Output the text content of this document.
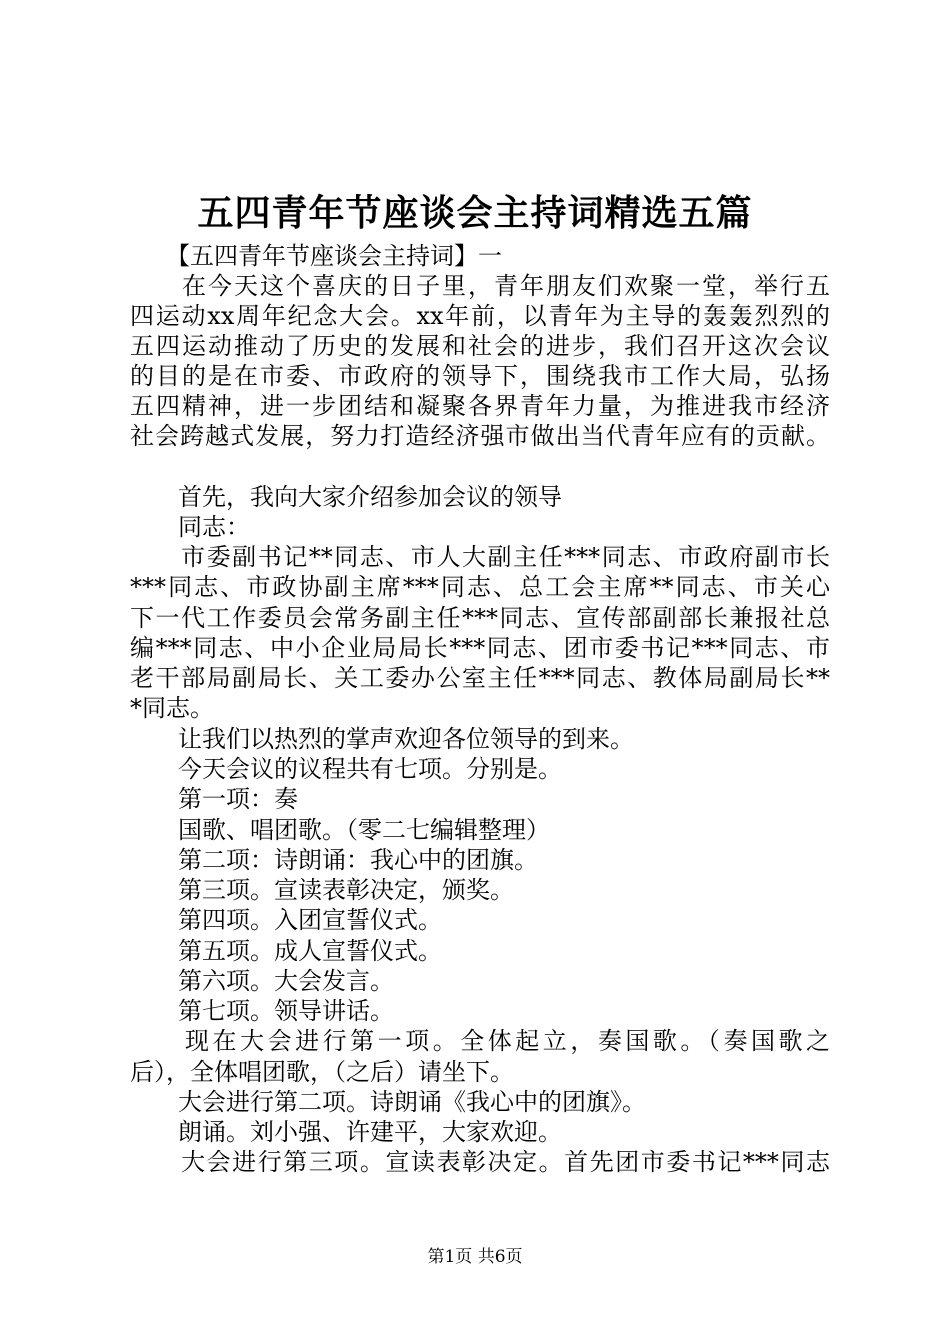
五四青年节座谈会主持词精选五篇
　　【五四青年节座谈会主持词】一
　　在今天这个喜庆的日子里，青年朋友们欢聚一堂，举行五
四运动xx周年纪念大会。xx年前，以青年为主导的轰轰烈烈的
五四运动推动了历史的发展和社会的进步，我们召开这次会议
的目的是在市委、市政府的领导下，围绕我市工作大局，弘扬
五四精神，进一步团结和凝聚各界青年力量，为推进我市经济
社会跨越式发展，努力打造经济强市做出当代青年应有的贡献。
　　首先，我向大家介绍参加会议的领导
　　同志：
　　市委副书记**同志、市人大副主任***同志、市政府副市长
***同志、市政协副主席***同志、总工会主席**同志、市关心
下一代工作委员会常务副主任***同志、宣传部副部长兼报社总
编***同志、中小企业局局长***同志、团市委书记***同志、市
老干部局副局长、关工委办公室主任***同志、教体局副局长**
*同志。
　　让我们以热烈的掌声欢迎各位领导的到来。
　　今天会议的议程共有七项。分别是。
　　第一项：奏
　　国歌、唱团歌。（零二七编辑整理）
　　第二项：诗朗诵：我心中的团旗。
　　第三项。宣读表彰决定，颁奖。
　　第四项。入团宣誓仪式。
　　第五项。成人宣誓仪式。
　　第六项。大会发言。
　　第七项。领导讲话。
　　现在大会进行第一项。全体起立，奏国歌。（奏国歌之
后），全体唱团歌，（之后）请坐下。
　　大会进行第二项。诗朗诵《我心中的团旗》。
　　朗诵。刘小强、许建平，大家欢迎。
　　大会进行第三项。宣读表彰决定。首先团市委书记***同志
第1页 共6页
